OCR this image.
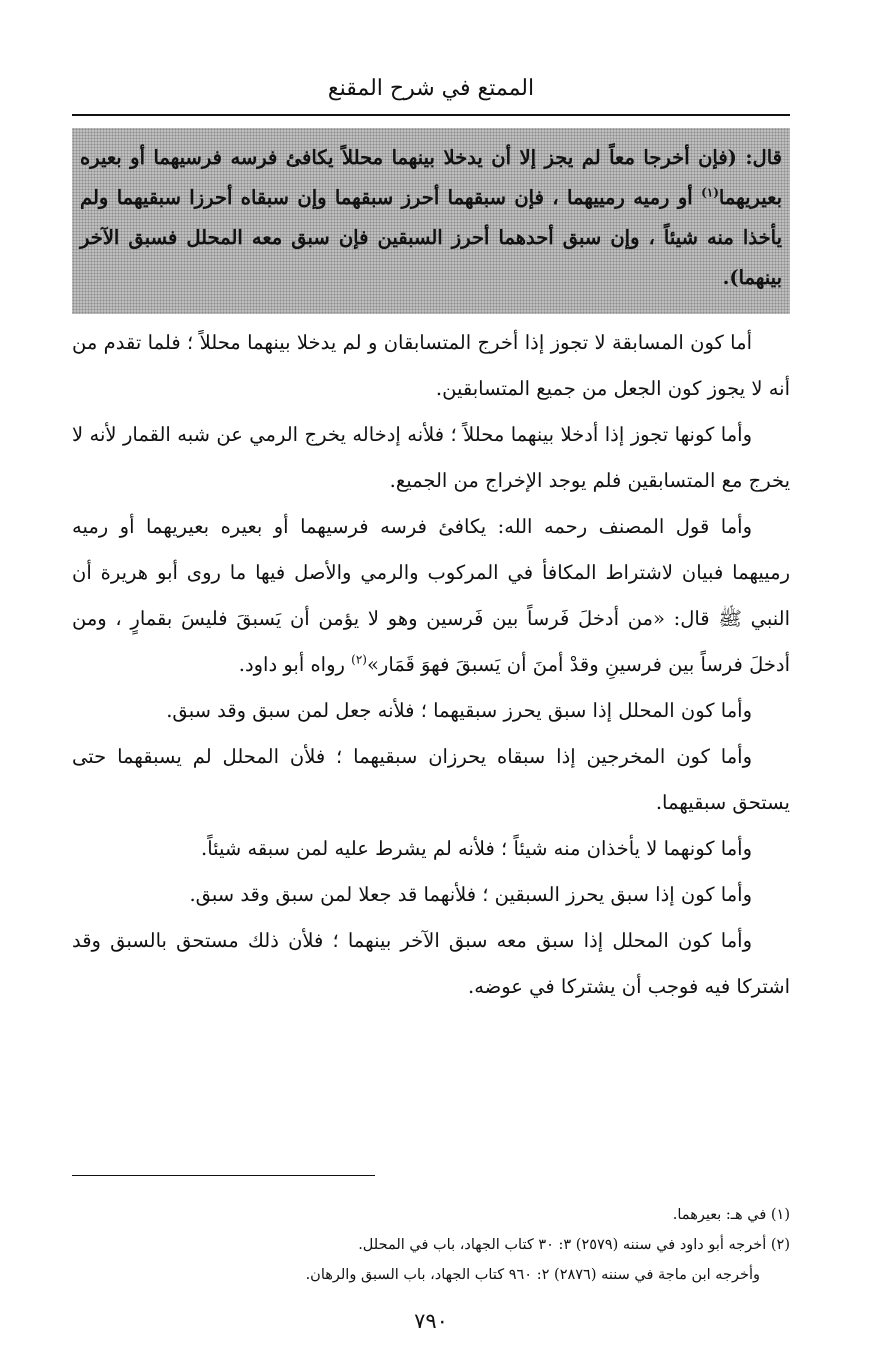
الممتع في شرح المقنع
قال: (فإن أخرجا معاً لم يجز إلا أن يدخلا بينهما محللاً يكافئ فرسه فرسيهما أو بعيره بعيريهما$^{(١)}$ أو رميه رمييهما ، فإن سبقهما أحرز سبقهما وإن سبقاه أحرزا سبقيهما ولم يأخذا منه شيئاً ، وإن سبق أحدهما أحرز السبقين فإن سبق معه المحلل فسبق الآخر بينهما).

أما كون المسابقة لا تجوز إذا أخرج المتسابقان و لم يدخلا بينهما محللاً ؛ فلما تقدم من أنه لا يجوز كون الجعل من جميع المتسابقين.

وأما كونها تجوز إذا أدخلا بينهما محللاً ؛ فلأنه إدخاله يخرج الرمي عن شبه القمار لأنه لا يخرج مع المتسابقين فلم يوجد الإخراج من الجميع.

وأما قول المصنف رحمه الله: يكافئ فرسه فرسيهما أو بعيره بعيريهما أو رميه رمييهما فبيان لاشتراط المكافأ في المركوب والرمي والأصل فيها ما روى أبو هريرة أن النبي ﷺ قال: «من أدخلَ فَرساً بين فَرسين وهو لا يؤمن أن يَسبقَ فليسَ بقمارٍ ، ومن أدخلَ فرساً بين فرسينِ وقدْ أمنَ أن يَسبقَ فهوَ قَمَار»$^{(٢)}$ رواه أبو داود.

وأما كون المحلل إذا سبق يحرز سبقيهما ؛ فلأنه جعل لمن سبق وقد سبق.

وأما كون المخرجين إذا سبقاه يحرزان سبقيهما ؛ فلأن المحلل لم يسبقهما حتى يستحق سبقيهما.

وأما كونهما لا يأخذان منه شيئاً ؛ فلأنه لم يشرط عليه لمن سبقه شيئاً.

وأما كون إذا سبق يحرز السبقين ؛ فلأنهما قد جعلا لمن سبق وقد سبق.

وأما كون المحلل إذا سبق معه سبق الآخر بينهما ؛ فلأن ذلك مستحق بالسبق وقد اشتركا فيه فوجب أن يشتركا في عوضه.

(١) في هـ: بعيرهما.

(٢) أخرجه أبو داود في سننه (٢٥٧٩) ٣: ٣٠ كتاب الجهاد، باب في المحلل.

وأخرجه ابن ماجة في سننه (٢٨٧٦) ٢: ٩٦٠ كتاب الجهاد، باب السبق والرهان.

٧٩٠
